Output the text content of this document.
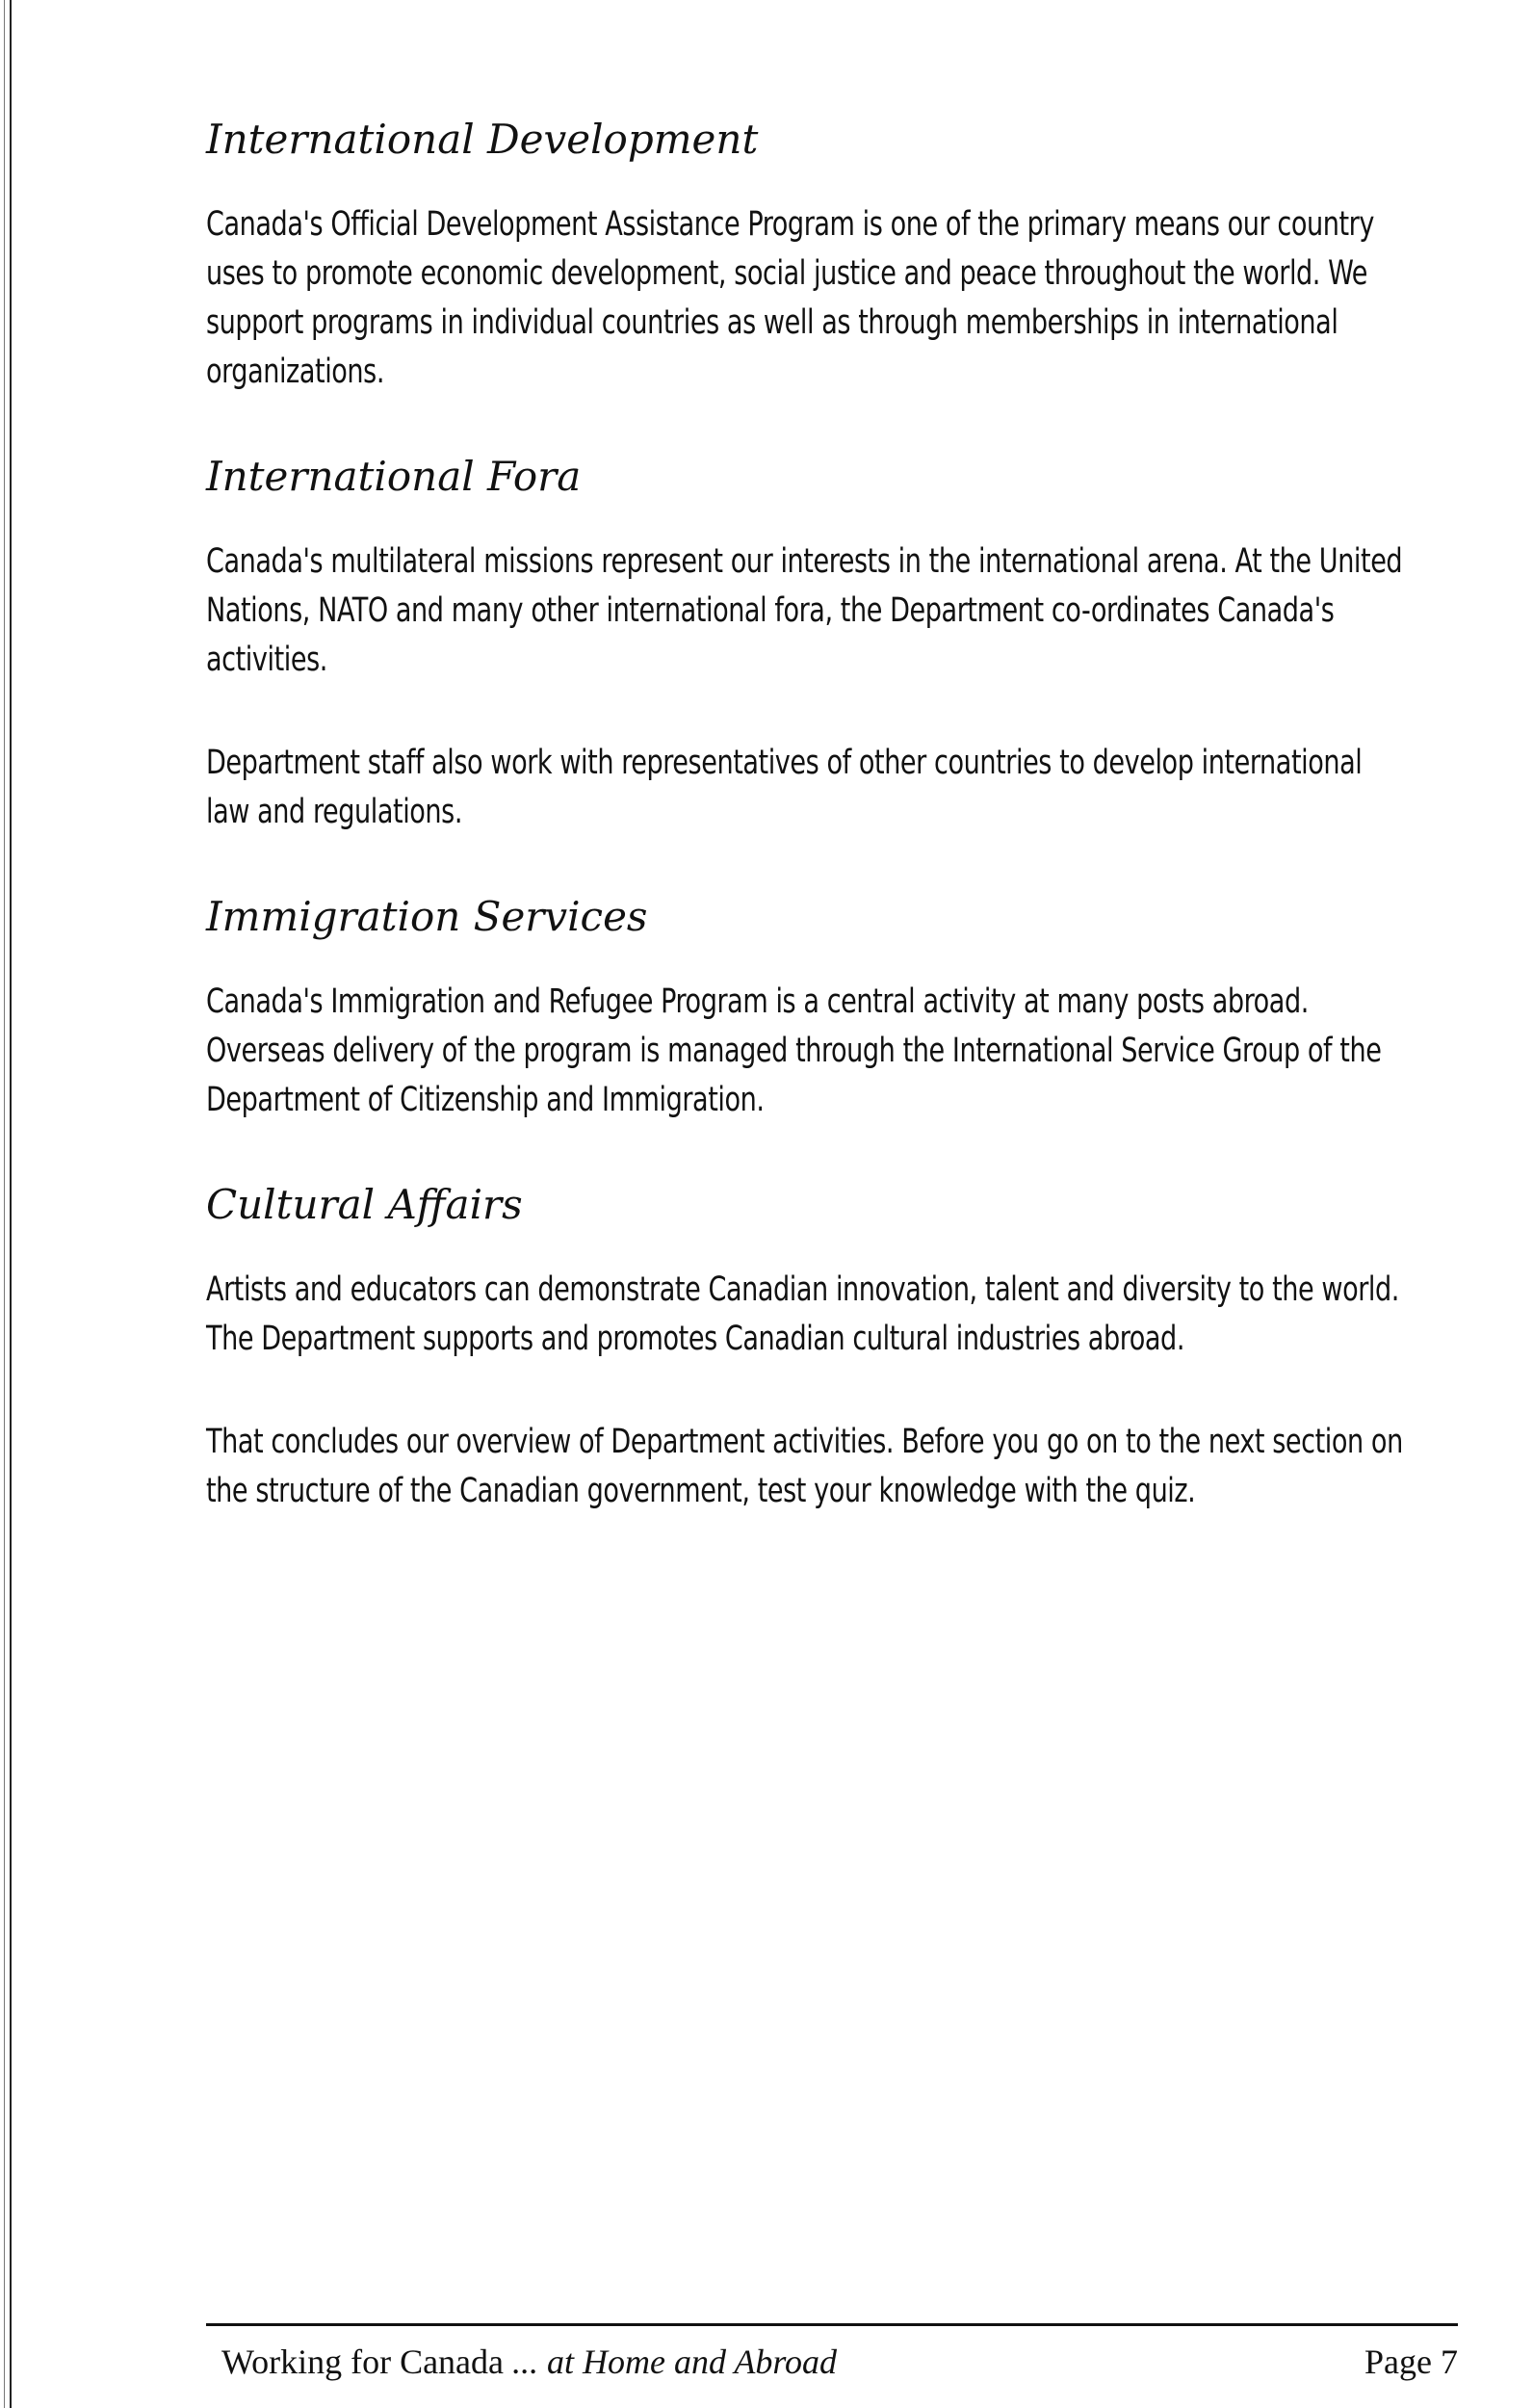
International Development

Canada's Official Development Assistance Program is one of the primary means our country uses to promote economic development, social justice and peace throughout the world. We support programs in individual countries as well as through memberships in international organizations.

International Fora

Canada's multilateral missions represent our interests in the international arena. At the United Nations, NATO and many other international fora, the Department co-ordinates Canada's activities.

Department staff also work with representatives of other countries to develop international law and regulations.

Immigration Services

Canada's Immigration and Refugee Program is a central activity at many posts abroad. Overseas delivery of the program is managed through the International Service Group of the Department of Citizenship and Immigration.

Cultural Affairs

Artists and educators can demonstrate Canadian innovation, talent and diversity to the world. The Department supports and promotes Canadian cultural industries abroad.

That concludes our overview of Department activities. Before you go on to the next section on the structure of the Canadian government, test your knowledge with the quiz.

Working for Canada ... at Home and Abroad	Page 7
